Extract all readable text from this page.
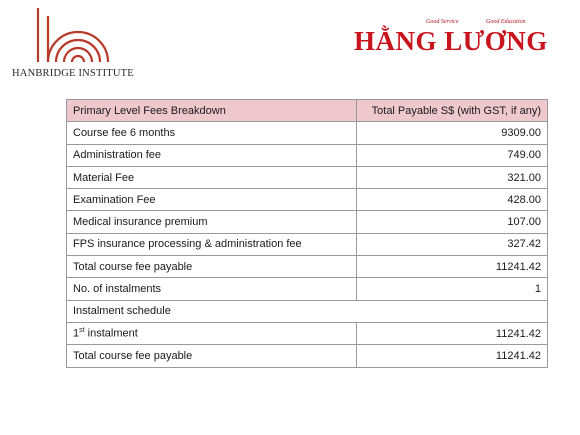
HANBRIDGE INSTITUTE
Good Service	Good Education
HẰNG LƯƠNG
Primary Level Fees Breakdown	Total Payable S$ (with GST, if any)
Course fee 6 months	9309.00
Administration fee	749.00
Material Fee	321.00
Examination Fee	428.00
Medical insurance premium	107.00
FPS insurance processing & administration fee	327.42
Total course fee payable	11241.42
No. of instalments	1
Instalment schedule	
1st instalment	11241.42
Total course fee payable	11241.42
